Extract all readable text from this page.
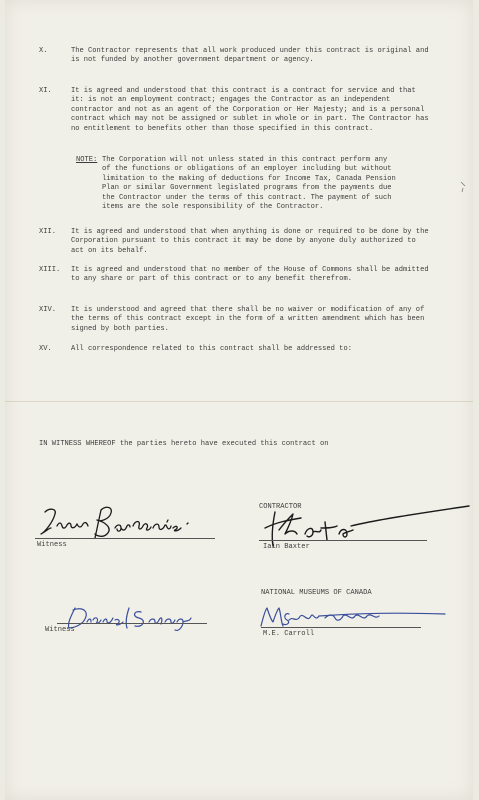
X.	The Contractor represents that all work produced under this contract is original and is not funded by another government department or agency.
XI.	It is agreed and understood that this contract is a contract for service and that it: is not an employment contract; engages the Contractor as an independent contractor and not as an agent of the Corporation or Her Majesty; and is a personal contract which may not be assigned or sublet in whole or in part. The Contractor has no entitlement to benefits other than those specified in this contract.
NOTE: The Corporation will not unless stated in this contract perform any of the functions or obligations of an employer including but without limitation to the making of deductions for Income Tax, Canada Pension Plan or similar Government legislated programs from the payments due the Contractor under the terms of this contract. The payment of such items are the sole responsibility of the Contractor.
XII.	It is agreed and understood that when anything is done or required to be done by the Corporation pursuant to this contract it may be done by anyone duly authorized to act on its behalf.
XIII.	It is agreed and understood that no member of the House of Commons shall be admitted to any share or part of this contract or to any benefit therefrom.
XIV.	It is understood and agreed that there shall be no waiver or modification of any of the terms of this contract except in the form of a written amendment which has been signed by both parties.
XV.	All correspondence related to this contract shall be addressed to:
IN WITNESS WHEREOF the parties hereto have executed this contract on
Witness
CONTRACTOR
Iain Baxter
Witness
NATIONAL MUSEUMS OF CANADA
M.E. Carroll
